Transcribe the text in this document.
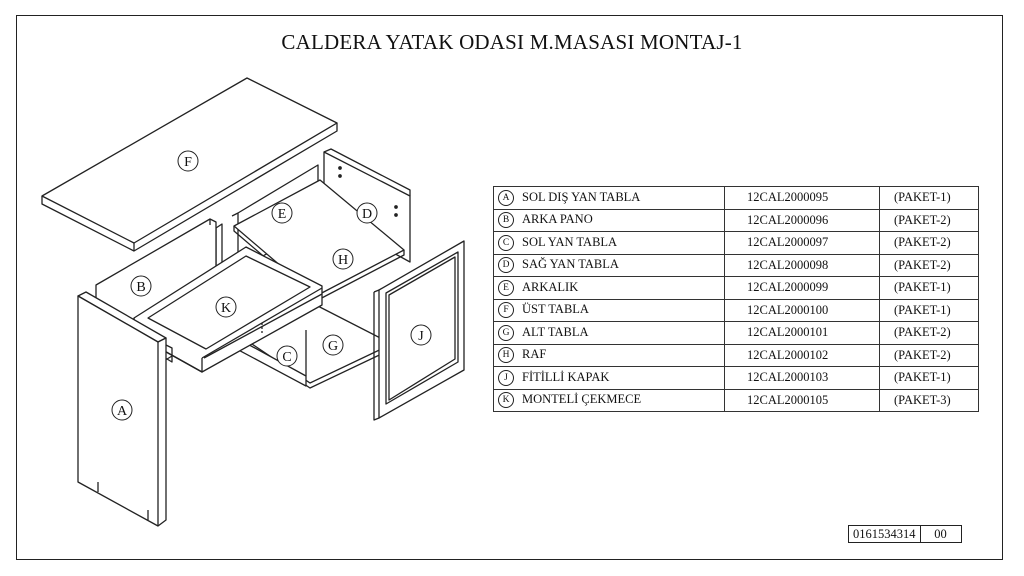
CALDERA YATAK ODASI M.MASASI MONTAJ-1
F
E	D
H
B
K
J
G
C
A
A SOL DIŞ YAN TABLA	12CAL2000095	(PAKET-1)
B ARKA PANO	12CAL2000096	(PAKET-2)
C SOL YAN TABLA	12CAL2000097	(PAKET-2)
D SAĞ YAN TABLA	12CAL2000098	(PAKET-2)
E ARKALIK	12CAL2000099	(PAKET-1)
F ÜST TABLA	12CAL2000100	(PAKET-1)
G ALT TABLA	12CAL2000101	(PAKET-2)
H RAF	12CAL2000102	(PAKET-2)
J FİTİLLİ KAPAK	12CAL2000103	(PAKET-1)
K MONTELİ ÇEKMECE	12CAL2000105	(PAKET-3)
0161534314	00
